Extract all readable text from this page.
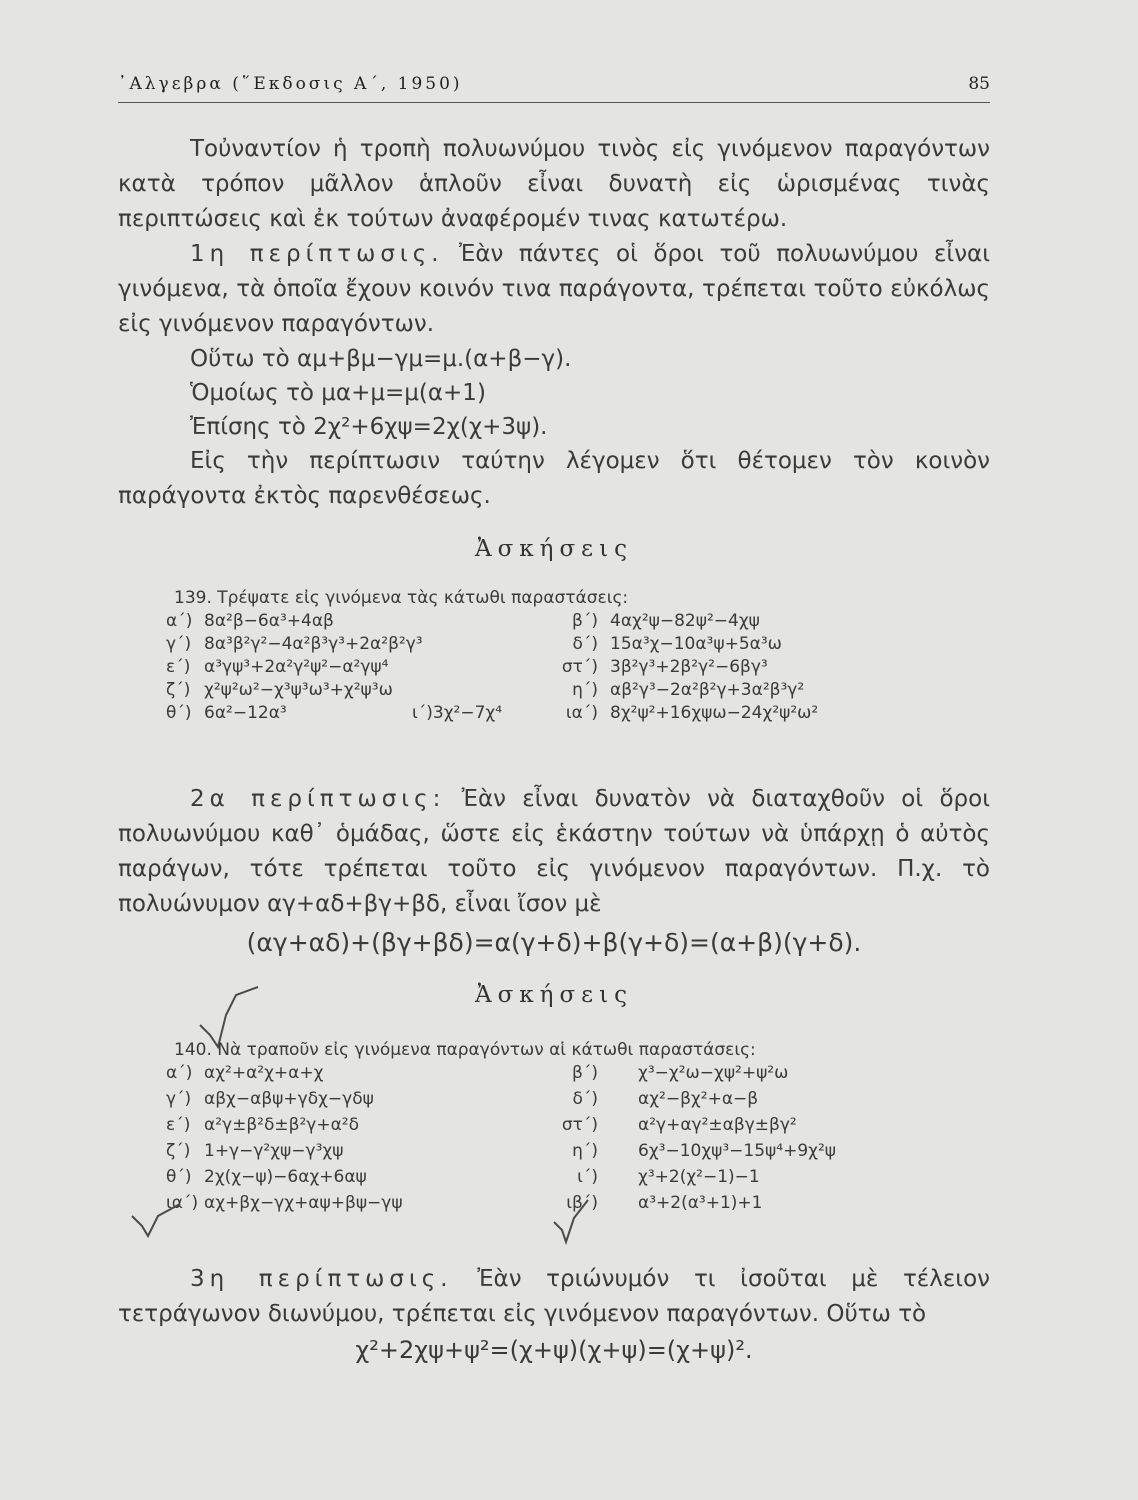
᾿Αλγεβρα (῞Εκδοσις Α΄, 1950)	85

Τοὐναντίον ἡ τροπὴ πολυωνύμου τινὸς εἰς γινόμενον παραγόντων κατὰ τρόπον μᾶλλον ἁπλοῦν εἶναι δυνατὴ εἰς ὡρισμένας τινὰς περιπτώσεις καὶ ἐκ τούτων ἀναφέρομέν τινας κατωτέρω.

1η περίπτωσις. Ἐὰν πάντες οἱ ὅροι τοῦ πολυωνύμου εἶναι γινόμενα, τὰ ὁποῖα ἔχουν κοινόν τινα παράγοντα, τρέπεται τοῦτο εὐκόλως εἰς γινόμενον παραγόντων.

Οὕτω τὸ αμ+βμ−γμ=μ.(α+β−γ).

Ὁμοίως τὸ μα+μ=μ(α+1)

Ἐπίσης τὸ 2χ²+6χψ=2χ(χ+3ψ).

Εἰς τὴν περίπτωσιν ταύτην λέγομεν ὅτι θέτομεν τὸν κοινὸν παράγοντα ἐκτὸς παρενθέσεως.

Ἀσκήσεις

139. Τρέψατε εἰς γινόμενα τὰς κάτωθι παραστάσεις:

α΄) 8α²β−6α³+4αβ	β΄) 4αχ²ψ−82ψ²−4χψ
γ΄) 8α³β²γ²−4α²β³γ³+2α²β²γ³	δ΄) 15α³χ−10α³ψ+5α³ω
ε΄) α³γψ³+2α²γ²ψ²−α²γψ⁴	στ΄) 3β²γ³+2β²γ²−6βγ³
ζ΄) χ²ψ²ω²−χ³ψ³ω³+χ²ψ³ω	η΄) αβ²γ³−2α²β²γ+3α²β³γ²
θ΄) 6α²−12α³	ι΄)3χ²−7χ⁴	ια΄) 8χ²ψ²+16χψω−24χ²ψ²ω²

2α περίπτωσις: Ἐὰν εἶναι δυνατὸν νὰ διαταχθοῦν οἱ ὅροι πολυωνύμου καθ᾿ ὁμάδας, ὥστε εἰς ἑκάστην τούτων νὰ ὑπάρχῃ ὁ αὐτὸς παράγων, τότε τρέπεται τοῦτο εἰς γινόμενον παραγόντων. Π.χ. τὸ πολυώνυμον αγ+αδ+βγ+βδ, εἶναι ἴσον μὲ

(αγ+αδ)+(βγ+βδ)=α(γ+δ)+β(γ+δ)=(α+β)(γ+δ).

Ἀσκήσεις

140. Νὰ τραποῦν εἰς γινόμενα παραγόντων αἱ κάτωθι παραστάσεις:

α΄) αχ²+α²χ+α+χ	β΄) χ³−χ²ω−χψ²+ψ²ω
γ΄) αβχ−αβψ+γδχ−γδψ	δ΄) αχ²−βχ²+α−β
ε΄) α²γ±β²δ±β²γ+α²δ	στ΄) α²γ+αγ²±αβγ±βγ²
ζ΄) 1+γ−γ²χψ−γ³χψ	η΄) 6χ³−10χψ³−15ψ⁴+9χ²ψ
θ΄) 2χ(χ−ψ)−6αχ+6αψ	ι΄) χ³+2(χ²−1)−1
ια΄) αχ+βχ−γχ+αψ+βψ−γψ	ιβ΄) α³+2(α³+1)+1

3η περίπτωσις. Ἐὰν τριώνυμόν τι ἰσοῦται μὲ τέλειον τετράγωνον διωνύμου, τρέπεται εἰς γινόμενον παραγόντων. Οὕτω τὸ

χ²+2χψ+ψ²=(χ+ψ)(χ+ψ)=(χ+ψ)².
